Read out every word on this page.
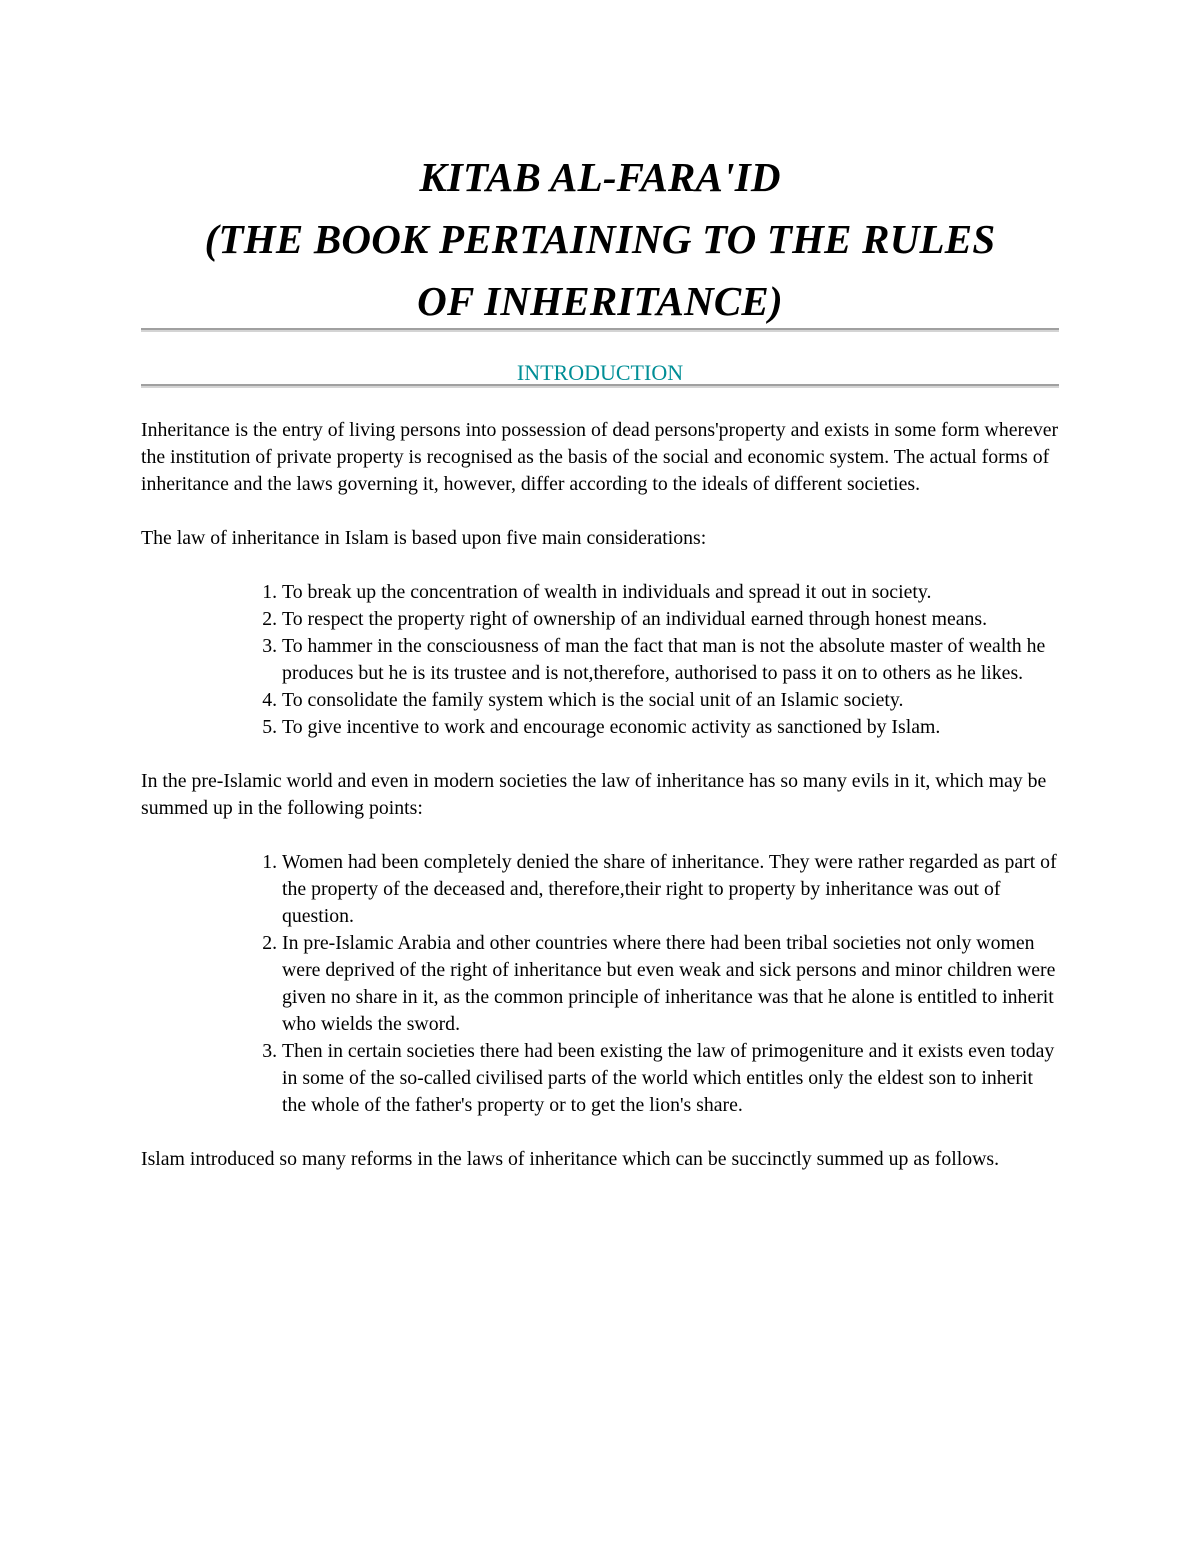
KITAB AL-FARA'ID
(THE BOOK PERTAINING TO THE RULES
OF INHERITANCE)
INTRODUCTION

Inheritance is the entry of living persons into possession of dead persons'property and exists in some form wherever the institution of private property is recognised as the basis of the social and economic system. The actual forms of inheritance and the laws governing it, however, differ according to the ideals of different societies.

The law of inheritance in Islam is based upon five main considerations:

1. To break up the concentration of wealth in individuals and spread it out in society.
2. To respect the property right of ownership of an individual earned through honest means.
3. To hammer in the consciousness of man the fact that man is not the absolute master of wealth he produces but he is its trustee and is not,therefore, authorised to pass it on to others as he likes.
4. To consolidate the family system which is the social unit of an Islamic society.
5. To give incentive to work and encourage economic activity as sanctioned by Islam.

In the pre-Islamic world and even in modern societies the law of inheritance has so many evils in it, which may be summed up in the following points:

1. Women had been completely denied the share of inheritance. They were rather regarded as part of the property of the deceased and, therefore,their right to property by inheritance was out of question.
2. In pre-Islamic Arabia and other countries where there had been tribal societies not only women were deprived of the right of inheritance but even weak and sick persons and minor children were given no share in it, as the common principle of inheritance was that he alone is entitled to inherit who wields the sword.
3. Then in certain societies there had been existing the law of primogeniture and it exists even today in some of the so-called civilised parts of the world which entitles only the eldest son to inherit the whole of the father's property or to get the lion's share.

Islam introduced so many reforms in the laws of inheritance which can be succinctly summed up as follows.
